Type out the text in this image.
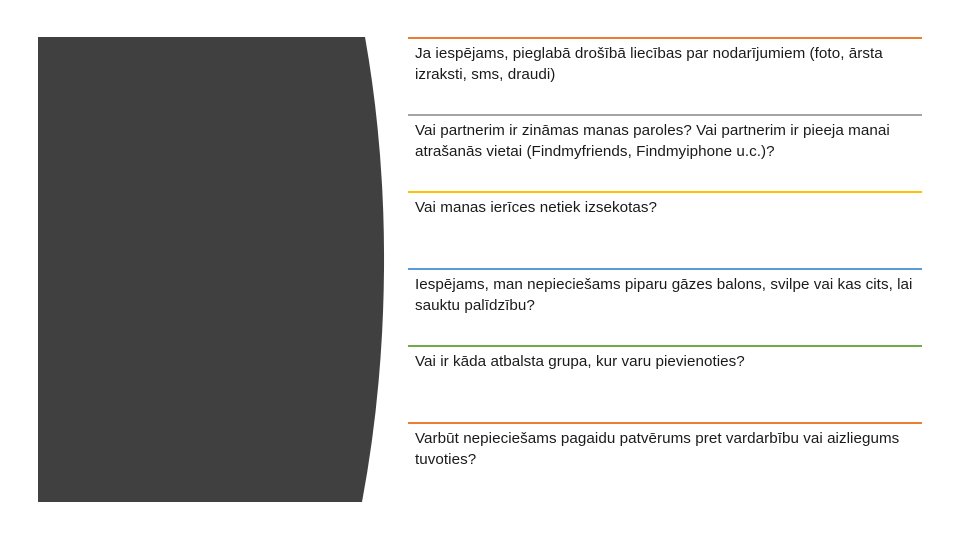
Ja iespējams, pieglabā drošībā liecības par nodarījumiem (foto, ārsta izraksti, sms, draudi)
Vai partnerim ir zināmas manas paroles? Vai partnerim ir pieeja manai atrašanās vietai (Findmyfriends, Findmyiphone u.c.)?
Vai manas ierīces netiek izsekotas?
Iespējams, man nepieciešams piparu gāzes balons, svilpe vai kas cits, lai sauktu palīdzību?
Vai ir kāda atbalsta grupa, kur varu pievienoties?
Varbūt nepieciešams pagaidu patvērums pret vardarbību vai aizliegums tuvoties?
